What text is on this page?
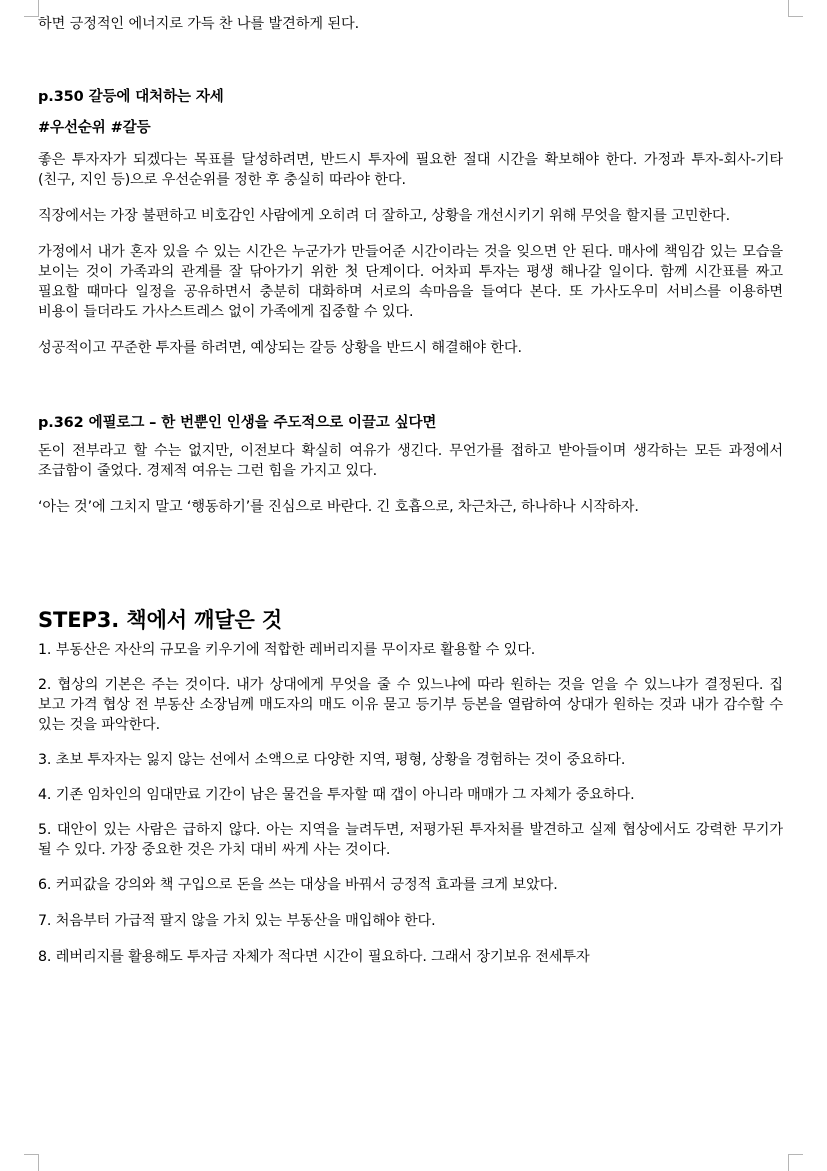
하면 긍정적인 에너지로 가득 찬 나를 발견하게 된다.

p.350 갈등에 대처하는 자세

#우선순위 #갈등

좋은 투자자가 되겠다는 목표를 달성하려면, 반드시 투자에 필요한 절대 시간을 확보해야 한다. 가정과 투자-회사-기타(친구, 지인 등)으로 우선순위를 정한 후 충실히 따라야 한다.

직장에서는 가장 불편하고 비호감인 사람에게 오히려 더 잘하고, 상황을 개선시키기 위해 무엇을 할지를 고민한다.

가정에서 내가 혼자 있을 수 있는 시간은 누군가가 만들어준 시간이라는 것을 잊으면 안 된다. 매사에 책임감 있는 모습을 보이는 것이 가족과의 관계를 잘 닦아가기 위한 첫 단계이다. 어차피 투자는 평생 해나갈 일이다. 함께 시간표를 짜고 필요할 때마다 일정을 공유하면서 충분히 대화하며 서로의 속마음을 들여다 본다. 또 가사도우미 서비스를 이용하면 비용이 들더라도 가사스트레스 없이 가족에게 집중할 수 있다.

성공적이고 꾸준한 투자를 하려면, 예상되는 갈등 상황을 반드시 해결해야 한다.

p.362 에필로그 – 한 번뿐인 인생을 주도적으로 이끌고 싶다면

돈이 전부라고 할 수는 없지만, 이전보다 확실히 여유가 생긴다. 무언가를 접하고 받아들이며 생각하는 모든 과정에서 조급함이 줄었다. 경제적 여유는 그런 힘을 가지고 있다.

‘아는 것’에 그치지 말고 ‘행동하기’를 진심으로 바란다. 긴 호흡으로, 차근차근, 하나하나 시작하자.

STEP3. 책에서 깨달은 것

1. 부동산은 자산의 규모을 키우기에 적합한 레버리지를 무이자로 활용할 수 있다.

2. 협상의 기본은 주는 것이다. 내가 상대에게 무엇을 줄 수 있느냐에 따라 원하는 것을 얻을 수 있느냐가 결정된다. 집 보고 가격 협상 전 부동산 소장님께 매도자의 매도 이유 묻고 등기부 등본을 열람하여 상대가 원하는 것과 내가 감수할 수 있는 것을 파악한다.

3. 초보 투자자는 잃지 않는 선에서 소액으로 다양한 지역, 평형, 상황을 경험하는 것이 중요하다.

4. 기존 임차인의 임대만료 기간이 남은 물건을 투자할 때 갭이 아니라 매매가 그 자체가 중요하다.

5. 대안이 있는 사람은 급하지 않다. 아는 지역을 늘려두면, 저평가된 투자처를 발견하고 실제 협상에서도 강력한 무기가 될 수 있다. 가장 중요한 것은 가치 대비 싸게 사는 것이다.

6. 커피값을 강의와 책 구입으로 돈을 쓰는 대상을 바꿔서 긍정적 효과를 크게 보았다.

7. 처음부터 가급적 팔지 않을 가치 있는 부동산을 매입해야 한다.

8. 레버리지를 활용해도 투자금 자체가 적다면 시간이 필요하다. 그래서 장기보유 전세투자
